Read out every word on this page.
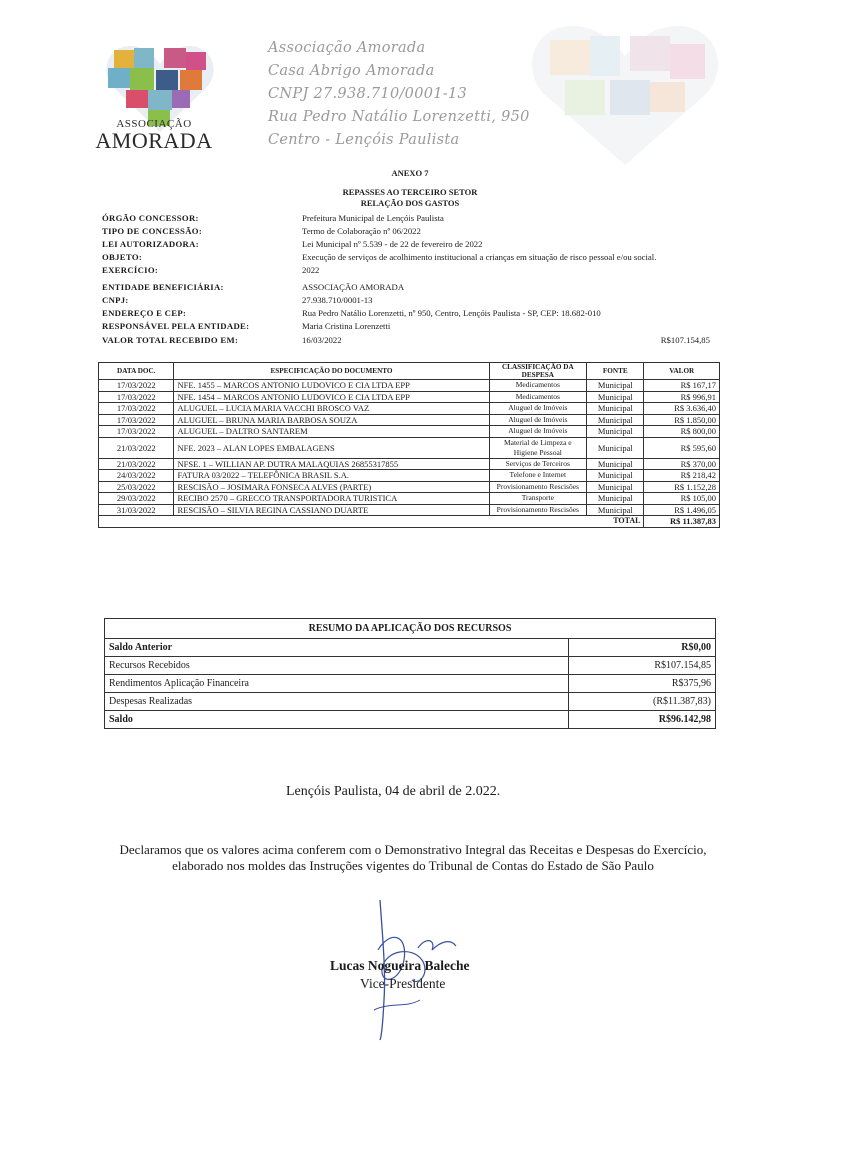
ASSOCIAÇÃO
AMORADA
Associação Amorada
Casa Abrigo Amorada
CNPJ 27.938.710/0001-13
Rua Pedro Natálio Lorenzetti, 950
Centro - Lençóis Paulista
ANEXO 7
REPASSES AO TERCEIRO SETOR
RELAÇÃO DOS GASTOS
ÓRGÃO CONCESSOR:	Prefeitura Municipal de Lençóis Paulista
TIPO DE CONCESSÃO:	Termo de Colaboração nº 06/2022
LEI AUTORIZADORA:	Lei Municipal nº 5.539 - de 22 de fevereiro de 2022
OBJETO:	Execução de serviços de acolhimento institucional a crianças em situação de risco pessoal e/ou social.
EXERCÍCIO:	2022
ENTIDADE BENEFICIÁRIA:	ASSOCIAÇÃO AMORADA
CNPJ:	27.938.710/0001-13
ENDEREÇO E CEP:	Rua Pedro Natálio Lorenzetti, nº 950, Centro, Lençóis Paulista - SP, CEP: 18.682-010
RESPONSÁVEL PELA ENTIDADE:	Maria Cristina Lorenzetti
VALOR TOTAL RECEBIDO EM:	16/03/2022	R$107.154,85
DATA DOC.	ESPECIFICAÇÃO DO DOCUMENTO	CLASSIFICAÇÃO DA DESPESA	FONTE	VALOR
17/03/2022	NFE. 1455 – MARCOS ANTONIO LUDOVICO E CIA LTDA EPP	Medicamentos	Municipal	R$ 167,17
17/03/2022	NFE. 1454 – MARCOS ANTONIO LUDOVICO E CIA LTDA EPP	Medicamentos	Municipal	R$ 996,91
17/03/2022	ALUGUEL – LUCIA MARIA VACCHI BROSCO VAZ	Aluguel de Imóveis	Municipal	R$ 3.636,40
17/03/2022	ALUGUEL – BRUNA MARIA BARBOSA SOUZA	Aluguel de Imóveis	Municipal	R$ 1.850,00
17/03/2022	ALUGUEL – DALTRO SANTAREM	Aluguel de Imóveis	Municipal	R$ 800,00
21/03/2022	NFE. 2023 – ALAN LOPES EMBALAGENS	Material de Limpeza e Higiene Pessoal	Municipal	R$ 595,60
21/03/2022	NFSE. 1 – WILLIAN AP. DUTRA MALAQUIAS 26855317855	Serviços de Terceiros	Municipal	R$ 370,00
24/03/2022	FATURA 03/2022 – TELEFÔNICA BRASIL S.A.	Telefone e Internet	Municipal	R$ 218,42
25/03/2022	RESCISÃO – JOSIMARA FONSECA ALVES (PARTE)	Provisionamento Rescisões	Municipal	R$ 1.152,28
29/03/2022	RECIBO 2570 – GRECCO TRANSPORTADORA TURISTICA	Transporte	Municipal	R$ 105,00
31/03/2022	RESCISÃO – SILVIA REGINA CASSIANO DUARTE	Provisionamento Rescisões	Municipal	R$ 1.496,05
TOTAL				R$ 11.387,83
RESUMO DA APLICAÇÃO DOS RECURSOS	
Saldo Anterior	R$0,00
Recursos Recebidos	R$107.154,85
Rendimentos Aplicação Financeira	R$375,96
Despesas Realizadas	(R$11.387,83)
Saldo	R$96.142,98
Lençóis Paulista, 04 de abril de 2.022.
Declaramos que os valores acima conferem com o Demonstrativo Integral das Receitas e Despesas do Exercício,
elaborado nos moldes das Instruções vigentes do Tribunal de Contas do Estado de São Paulo
Lucas Nogueira Baleche
Vice-Presidente
